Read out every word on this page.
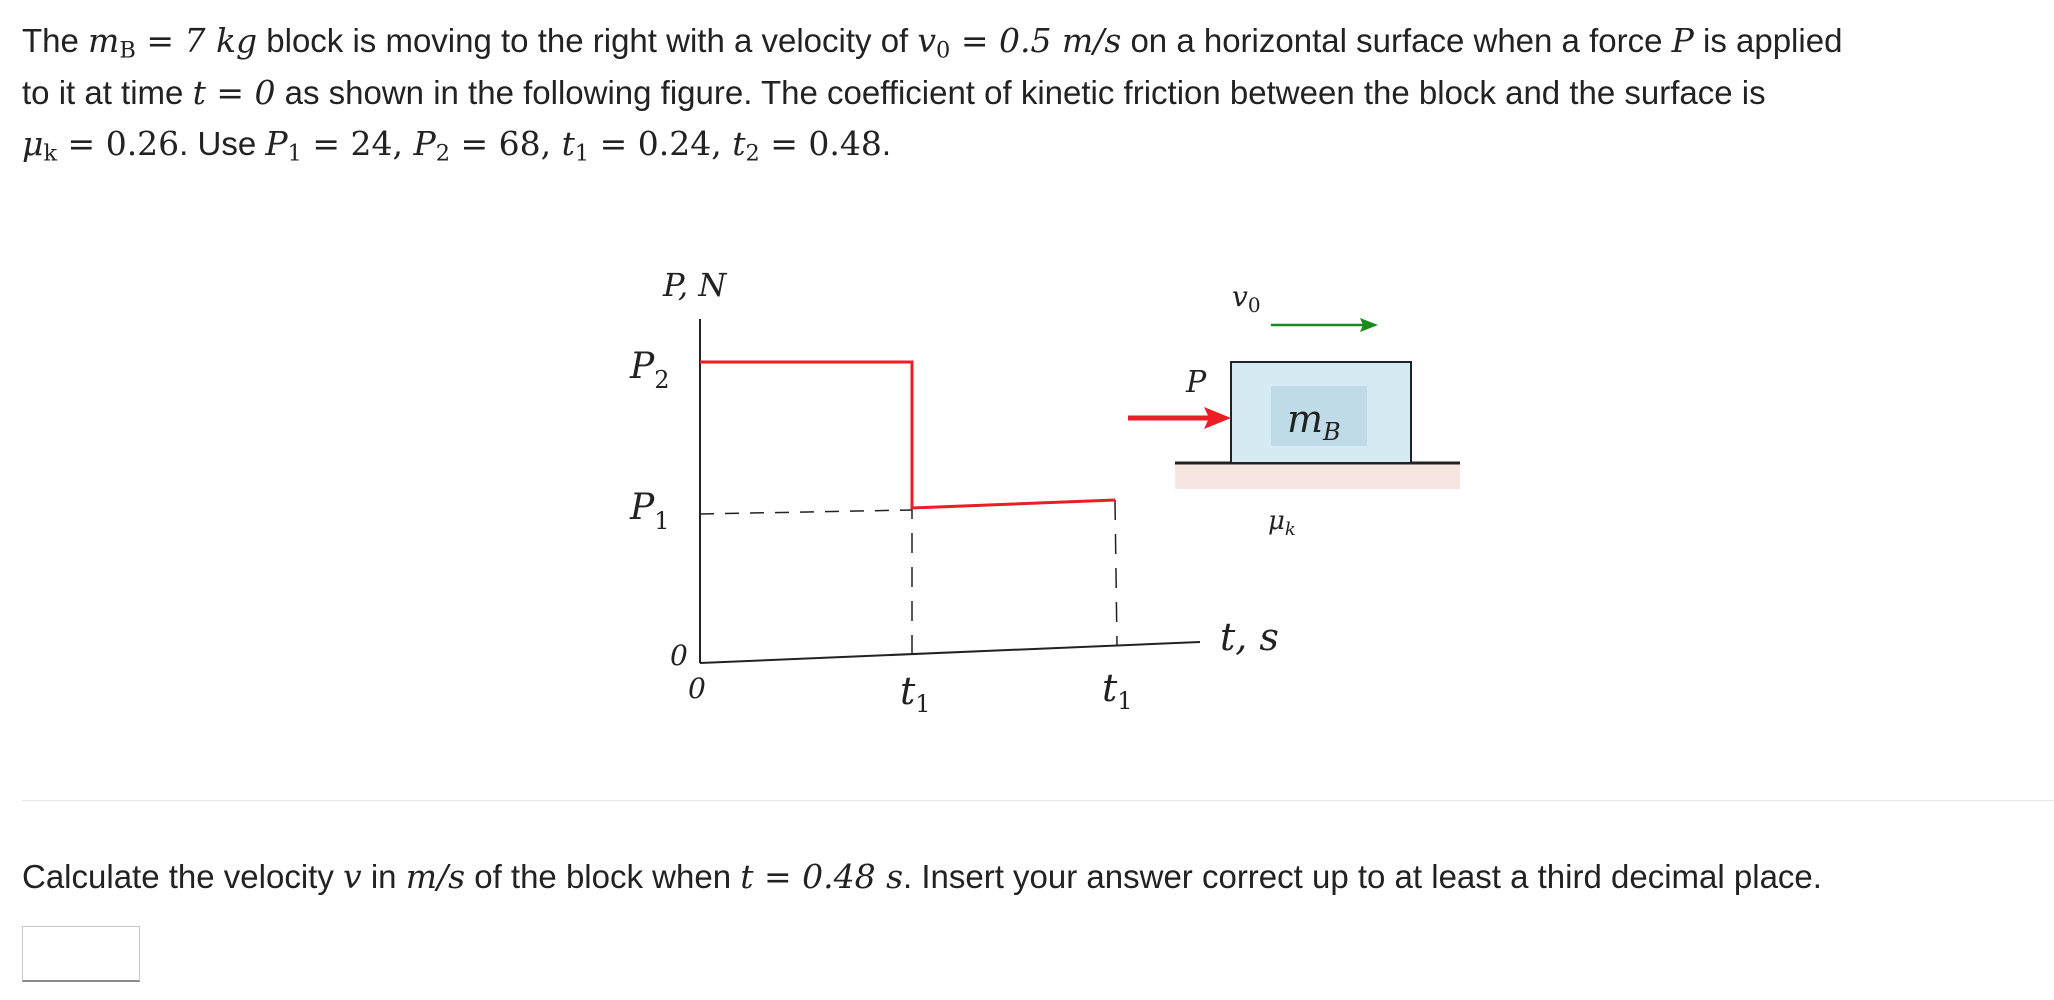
The $m_B = 7$ kg block is moving to the right with a velocity of $v_0 = 0.5$ m/s on a horizontal surface when a force P is applied
to it at time t = 0 as shown in the following figure. The coefficient of kinetic friction between the block and the surface is
$\mu_k = 0.26$. Use $P_1 = 24$, $P_2 = 68$, $t_1 = 0.24$, $t_2 = 0.48$.
P, N
$P_2$
$P_1$
0
0	$t_1$	$t_1$
t, s
$v_0$
P
$m_B$
$\mu_k$
Calculate the velocity v in m/s of the block when t = 0.48 s. Insert your answer correct up to at least a third decimal place.
